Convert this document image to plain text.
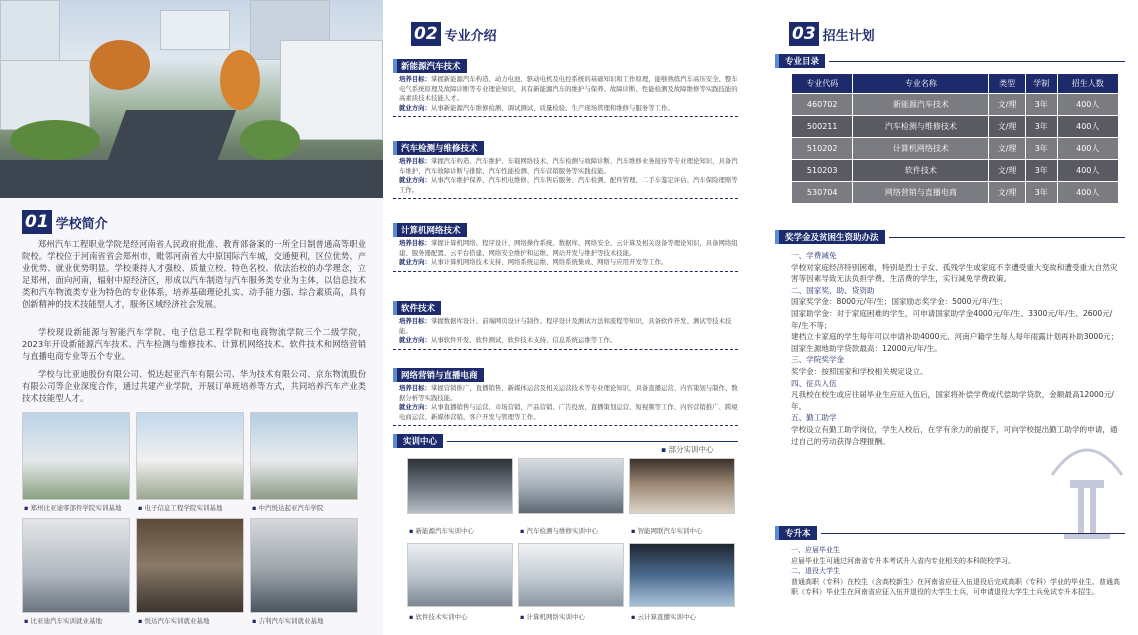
01 学校简介
郑州汽车工程职业学院是经河南省人民政府批准、教育部备案的一所全日制普通高等职业院校。学校位于河南省省会郑州市，毗邻河南省大中原国际汽车城，交通便利，区位优势、产业优势、就业优势明显。学校秉持人才强校、质量立校、特色名校、依法治校的办学理念，立足郑州，面向河南，辐射中原经济区，形成以汽车制造与汽车服务类专业为主体，以信息技术类和汽车物流类专业为特色的专业体系，培养基础理论扎实、动手能力强、综合素质高，具有创新精神的技术技能型人才，服务区域经济社会发展。
学校现设新能源与智能汽车学院、电子信息工程学院和电商物流学院三个二级学院，2023年开设新能源汽车技术、汽车检测与维修技术、计算机网络技术、软件技术和网络营销与直播电商专业等五个专业。
学校与比亚迪股份有限公司、悦达起亚汽车有限公司、华为技术有限公司、京东物流股份有限公司等企业深度合作，通过共建产业学院，开展订单班培养等方式，共同培养汽车产业类技术技能型人才。
▪ 郑州比亚迪零部件学院实训基地	▪ 电子信息工程学院实训基地	▪ 中汽悦达起亚汽车学院
▪ 比亚迪汽车实训就业基地	▪ 悦达汽车实训就业基地	▪ 吉利汽车实训就业基地
02 专业介绍
新能源汽车技术
培养目标：掌握新能源汽车构造、动力电池、驱动电机及电控系统的基础知识和工作原理，能够熟练汽车高压安全、整车电气系统原理及故障诊断等专业理论知识，具有新能源汽车的维护与保养、故障诊断、性能检测及故障维修等实践技能的高素质技术技能人才。
就业方向：从事新能源汽车维修检测、调试测试、质量检验、生产现场管理和维修与服务等工作。
汽车检测与维修技术
培养目标：掌握汽车构造、汽车维护、车载网络技术、汽车检测与故障诊断、汽车维修业务接待等专业理论知识，具备汽车维护、汽车故障诊断与排除、汽车性能检测、汽车营销服务等实践技能。
就业方向：从事汽车维护保养、汽车机电维修、汽车售后服务、汽车检测、配件管理、二手车鉴定评估、汽车保险理赔等工作。
计算机网络技术
培养目标：掌握计算机网络、程序设计、网络操作系统、数据库、网络安全、云计算及相关设备等理论知识，具备网络组建、服务器配置、云平台搭建、网络安全维护和运维、网站开发与维护等技术技能。
就业方向：从事计算机网络技术支持、网络系统运维、网络系统集成、网络与应用开发等工作。
软件技术
培养目标：掌握数据库设计、前端网页设计与制作、程序设计及测试方法和流程等知识，具备软件开发、测试等技术技能。
就业方向：从事软件开发、软件测试、软件技术支持、信息系统运维等工作。
网络营销与直播电商
培养目标：掌握营销推广、直播销售、新媒体运营及相关运营技术等专业理论知识，具备直播运营、内容策划与制作、数据分析等实践技能。
就业方向：从事直播销售与运营、市场营销、产品营销、广告投放、直播策划运营、短视频等工作、内容营销推广、跨境电商运营、新媒体营销、客户开发与管理等工作。
实训中心
▪ 部分实训中心
▪ 新能源汽车实训中心	▪ 汽车检测与维修实训中心	▪ 智能网联汽车实训中心
▪ 软件技术实训中心	▪ 计算机网络实训中心	▪ 云计算直播实训中心
03 招生计划
专业目录
专业代码	专业名称	类型	学制	招生人数
460702	新能源汽车技术	文/理	3年	400人
500211	汽车检测与维修技术	文/理	3年	400人
510202	计算机网络技术	文/理	3年	400人
510203	软件技术	文/理	3年	400人
530704	网络营销与直播电商	文/理	3年	400人
奖学金及贫困生资助办法
一、学费减免
学校对家庭经济特别困难，特别是烈士子女、孤残学生或家庭不幸遭受重大变故和遭受重大自然灾害等因素导致无法负担学费、生活费的学生，实行减免学费政策。
二、国家奖、助、贷资助
国家奖学金：8000元/年/生；国家励志奖学金：5000元/年/生；
国家助学金：对于家庭困难的学生，可申请国家助学金4000元/年/生、3300元/年/生、2600元/年/生不等；
建档立卡家庭的学生每年可以申请补助4000元、河南户籍学生每人每年雨露计划再补助3000元；
国家生源地助学贷款最高：12000元/年/生。
三、学院奖学金
奖学金：按照国家和学校相关规定设立。
四、征兵入伍
凡我校在校生或应往届毕业生应征入伍后，国家将补偿学费或代偿助学贷款，金额最高12000元/年。
五、勤工助学
学校设立有勤工助学岗位，学生入校后，在学有余力的前提下，可向学校提出勤工助学的申请，通过自己的劳动获得合理报酬。
专升本
一、应届毕业生
应届毕业生可通过河南省专升本考试升入省内专业相关的本科院校学习。
二、退役大学生
普通高职（专科）在校生（含高校新生）在河南省应征入伍退役后完成高职（专科）学业的毕业生、普通高职（专科）毕业生在河南省应征入伍并退役的大学生士兵，可申请退役大学生士兵免试专升本招生。
